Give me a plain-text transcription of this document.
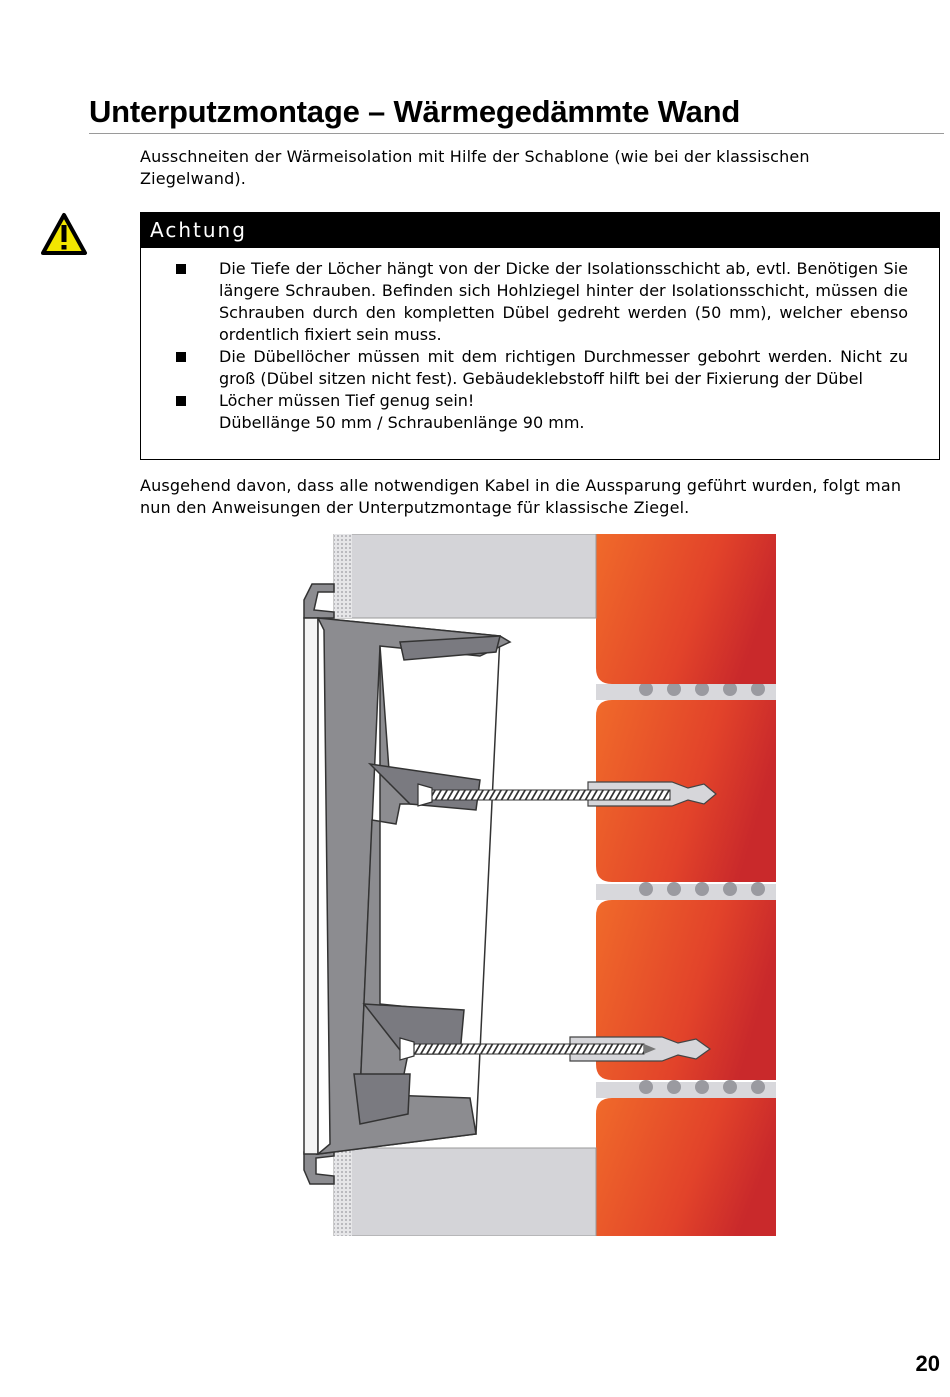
Unterputzmontage – Wärmegedämmte Wand
Ausschneiten der Wärmeisolation mit Hilfe der Schablone (wie bei der klassischen Ziegelwand).
Achtung
Die Tiefe der Löcher hängt von der Dicke der Isolationsschicht ab, evtl. Benötigen Sie längere Schrauben. Befinden sich Hohlziegel hinter der Isolationsschicht, müssen die Schrauben durch den kompletten Dübel gedreht werden (50 mm), welcher ebenso ordentlich fixiert sein muss.
Die Dübellöcher müssen mit dem richtigen Durchmesser gebohrt werden. Nicht zu groß (Dübel sitzen nicht fest). Gebäudeklebstoff hilft bei der Fixierung der Dübel
Löcher müssen Tief genug sein!
Dübellänge 50 mm / Schraubenlänge 90 mm.
Ausgehend davon, dass alle notwendigen Kabel in die Aussparung geführt wurden, folgt man nun den Anweisungen der Unterputzmontage für klassische Ziegel.
20
